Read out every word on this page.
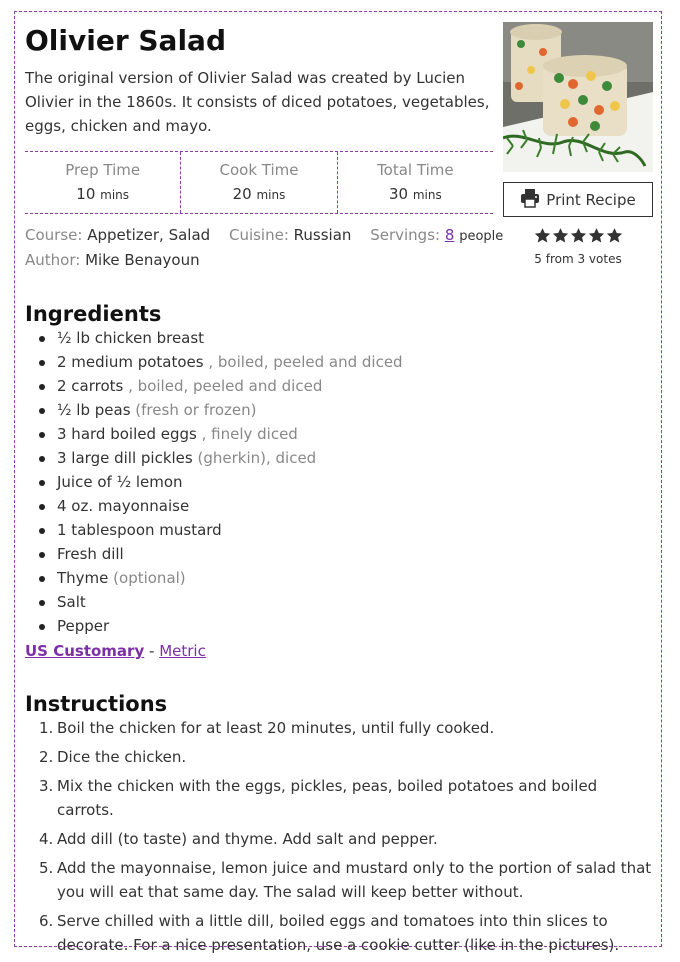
Olivier Salad
The original version of Olivier Salad was created by Lucien Olivier in the 1860s. It consists of diced potatoes, vegetables, eggs, chicken and mayo.
Prep Time
10 mins
Cook Time
20 mins
Total Time
30 mins
Course: Appetizer, Salad Cuisine: Russian Servings: 8 people
Author: Mike Benayoun
Print Recipe
5 from 3 votes
Ingredients
½ lb chicken breast
2 medium potatoes , boiled, peeled and diced
2 carrots , boiled, peeled and diced
½ lb peas (fresh or frozen)
3 hard boiled eggs , finely diced
3 large dill pickles (gherkin), diced
Juice of ½ lemon
4 oz. mayonnaise
1 tablespoon mustard
Fresh dill
Thyme (optional)
Salt
Pepper
US Customary - Metric
Instructions
1. Boil the chicken for at least 20 minutes, until fully cooked.
2. Dice the chicken.
3. Mix the chicken with the eggs, pickles, peas, boiled potatoes and boiled carrots.
4. Add dill (to taste) and thyme. Add salt and pepper.
5. Add the mayonnaise, lemon juice and mustard only to the portion of salad that you will eat that same day. The salad will keep better without.
6. Serve chilled with a little dill, boiled eggs and tomatoes into thin slices to decorate. For a nice presentation, use a cookie cutter (like in the pictures).
